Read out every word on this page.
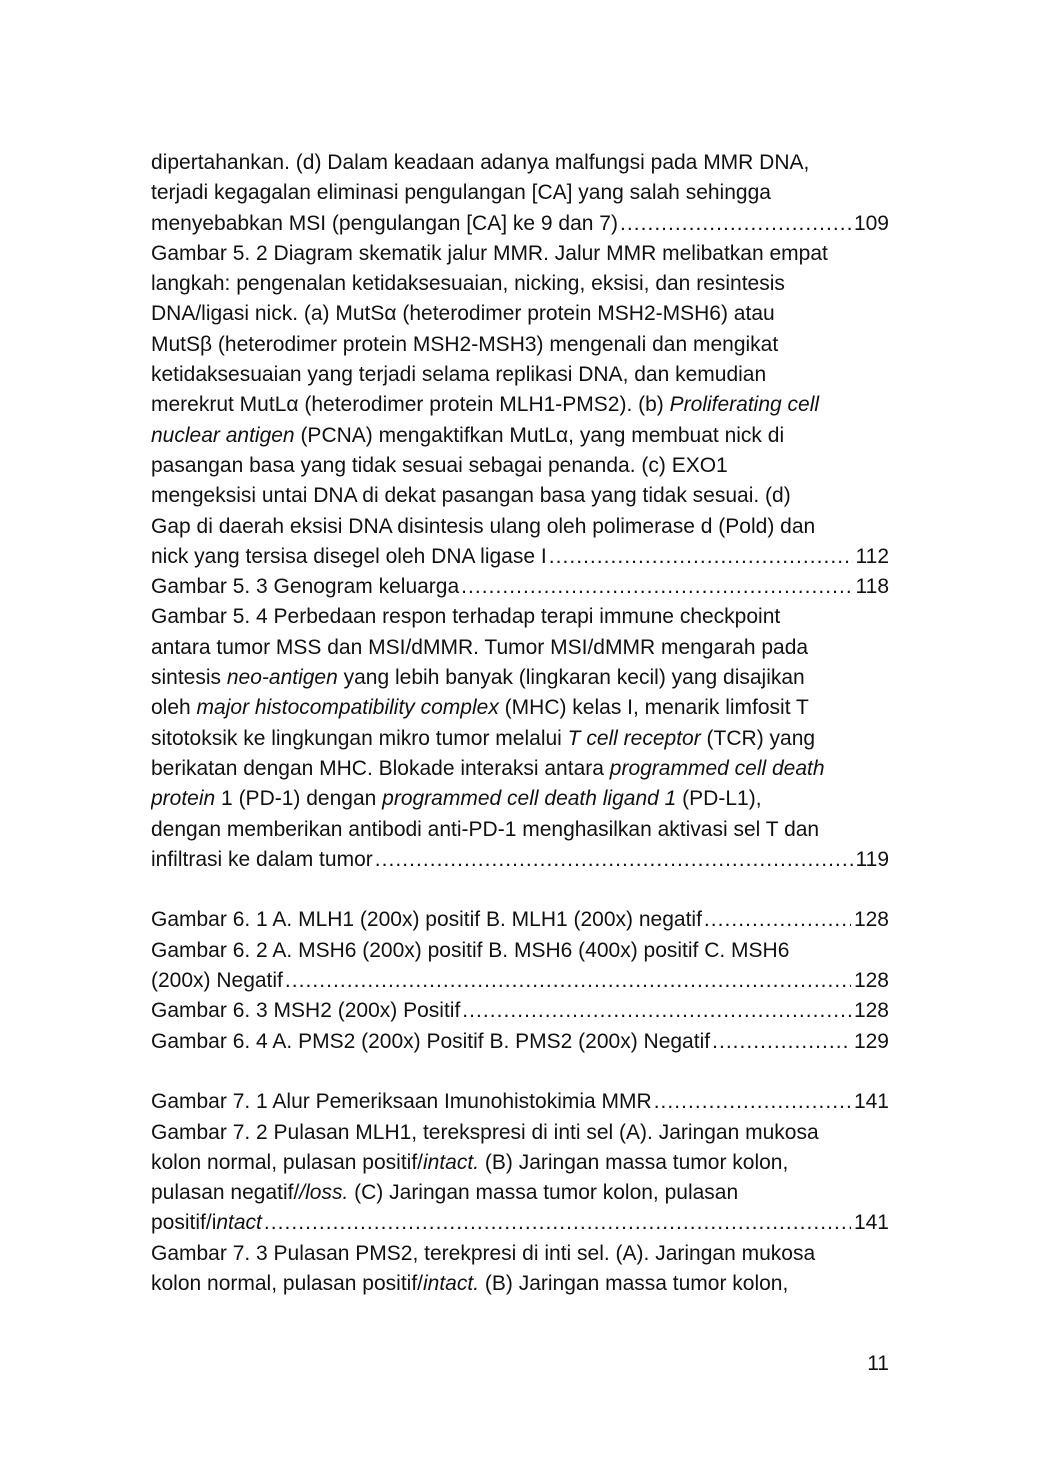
dipertahankan. (d) Dalam keadaan adanya malfungsi pada MMR DNA,
terjadi kegagalan eliminasi pengulangan [CA] yang salah sehingga
menyebabkan MSI (pengulangan [CA] ke 9 dan 7) . . .	109
Gambar 5. 2 Diagram skematik jalur MMR. Jalur MMR melibatkan empat
langkah: pengenalan ketidaksesuaian, nicking, eksisi, dan resintesis
DNA/ligasi nick. (a) MutSα (heterodimer protein MSH2-MSH6) atau
MutSβ (heterodimer protein MSH2-MSH3) mengenali dan mengikat
ketidaksesuaian yang terjadi selama replikasi DNA, dan kemudian
merekrut MutLα (heterodimer protein MLH1-PMS2). (b) Proliferating cell
nuclear antigen (PCNA) mengaktifkan MutLα, yang membuat nick di
pasangan basa yang tidak sesuai sebagai penanda. (c) EXO1
mengeksisi untai DNA di dekat pasangan basa yang tidak sesuai. (d)
Gap di daerah eksisi DNA disintesis ulang oleh polimerase d (Pold) dan
nick yang tersisa disegel oleh DNA ligase I . . .	112
Gambar 5. 3 Genogram keluarga . . .	118
Gambar 5. 4 Perbedaan respon terhadap terapi immune checkpoint
antara tumor MSS dan MSI/dMMR. Tumor MSI/dMMR mengarah pada
sintesis neo-antigen yang lebih banyak (lingkaran kecil) yang disajikan
oleh major histocompatibility complex (MHC) kelas I, menarik limfosit T
sitotoksik ke lingkungan mikro tumor melalui T cell receptor (TCR) yang
berikatan dengan MHC. Blokade interaksi antara programmed cell death
protein 1 (PD-1) dengan programmed cell death ligand 1 (PD-L1),
dengan memberikan antibodi anti-PD-1 menghasilkan aktivasi sel T dan
infiltrasi ke dalam tumor . . .	119
Gambar 6. 1 A. MLH1 (200x) positif B. MLH1 (200x) negatif . . .	128
Gambar 6. 2 A. MSH6 (200x) positif B. MSH6 (400x) positif C. MSH6
(200x) Negatif . . .	128
Gambar 6. 3 MSH2 (200x) Positif . . .	128
Gambar 6. 4 A. PMS2 (200x) Positif B. PMS2 (200x) Negatif . . .	129
Gambar 7. 1 Alur Pemeriksaan Imunohistokimia MMR . . .	141
Gambar 7. 2 Pulasan MLH1, terekspresi di inti sel (A). Jaringan mukosa
kolon normal, pulasan positif/intact. (B) Jaringan massa tumor kolon,
pulasan negatif//loss. (C) Jaringan massa tumor kolon, pulasan
positif/intact . . .	141
Gambar 7. 3 Pulasan PMS2, terekpresi di inti sel. (A). Jaringan mukosa
kolon normal, pulasan positif/intact. (B) Jaringan massa tumor kolon,
11
